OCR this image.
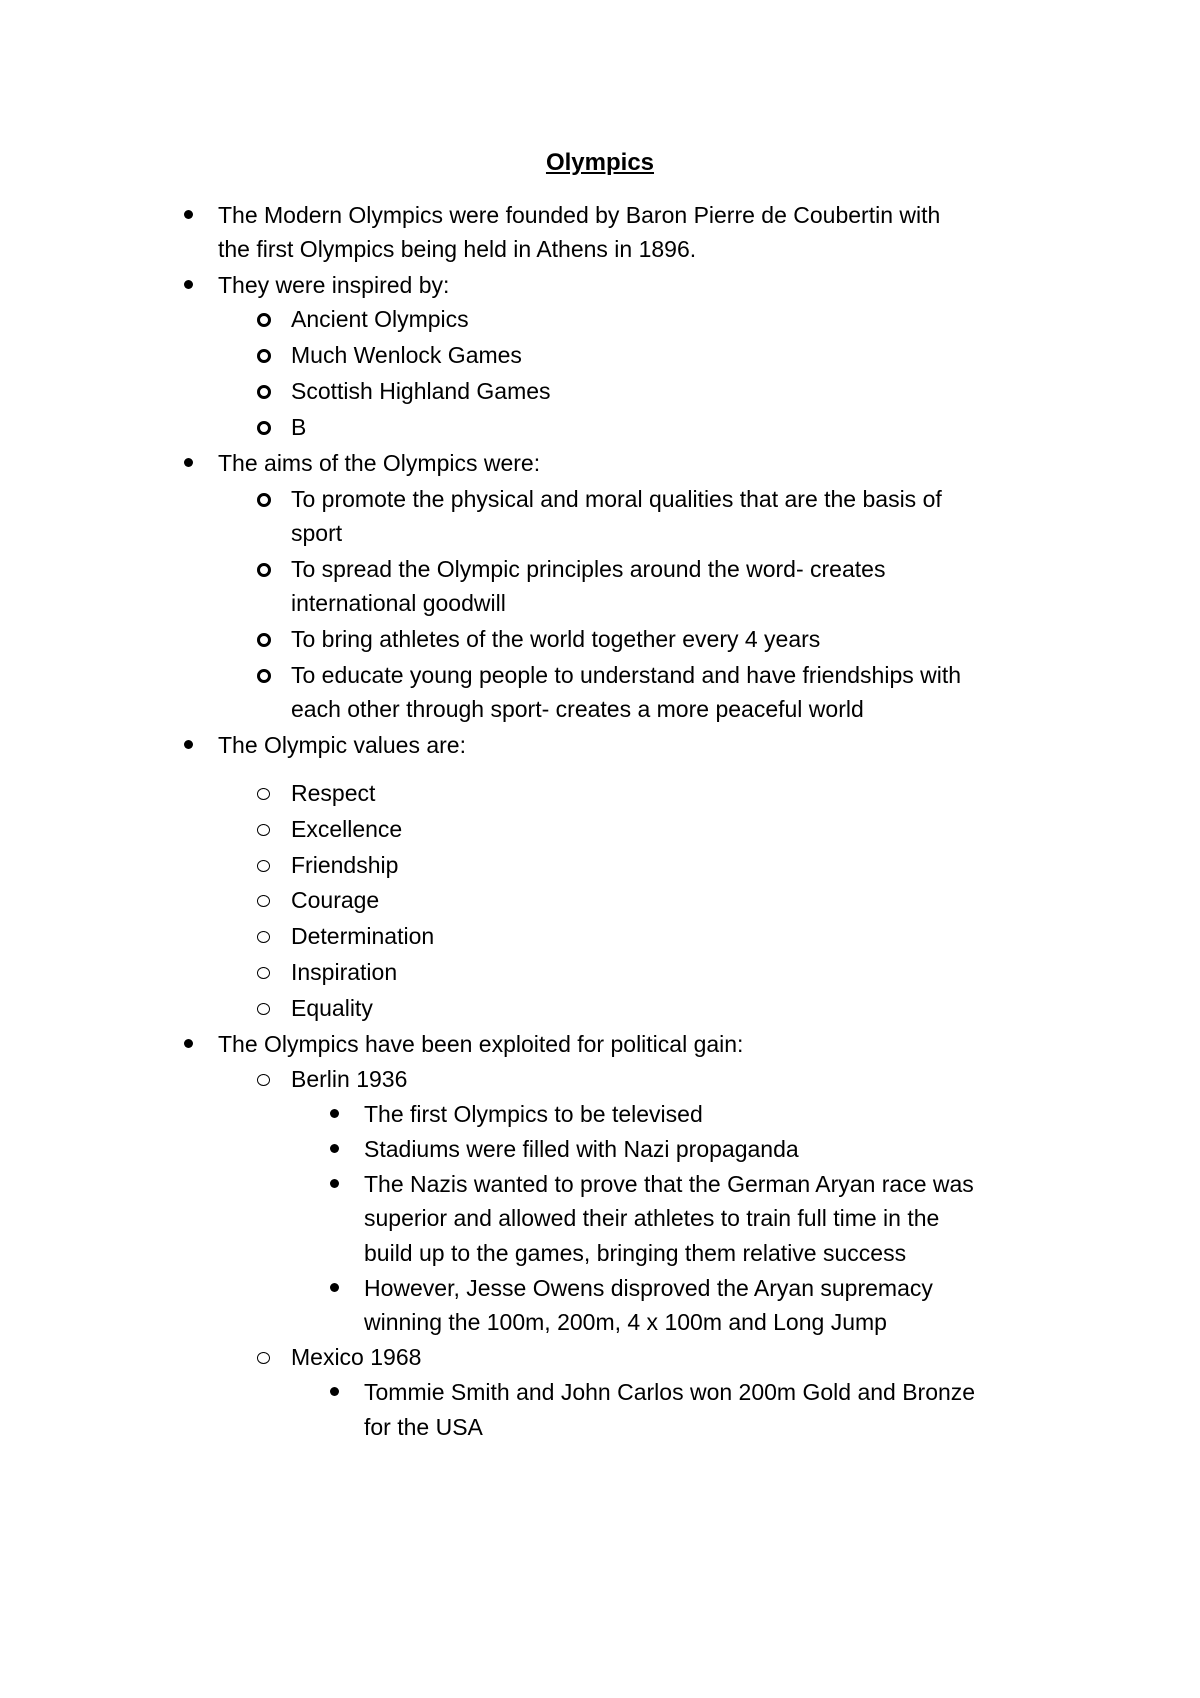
Olympics
The Modern Olympics were founded by Baron Pierre de Coubertin with
the first Olympics being held in Athens in 1896.
They were inspired by:
Ancient Olympics
Much Wenlock Games
Scottish Highland Games
B
The aims of the Olympics were:
To promote the physical and moral qualities that are the basis of
sport
To spread the Olympic principles around the word- creates
international goodwill
To bring athletes of the world together every 4 years
To educate young people to understand and have friendships with
each other through sport- creates a more peaceful world
The Olympic values are:
Respect
Excellence
Friendship
Courage
Determination
Inspiration
Equality
The Olympics have been exploited for political gain:
Berlin 1936
The first Olympics to be televised
Stadiums were filled with Nazi propaganda
The Nazis wanted to prove that the German Aryan race was
superior and allowed their athletes to train full time in the
build up to the games, bringing them relative success
However, Jesse Owens disproved the Aryan supremacy
winning the 100m, 200m, 4 x 100m and Long Jump
Mexico 1968
Tommie Smith and John Carlos won 200m Gold and Bronze
for the USA
